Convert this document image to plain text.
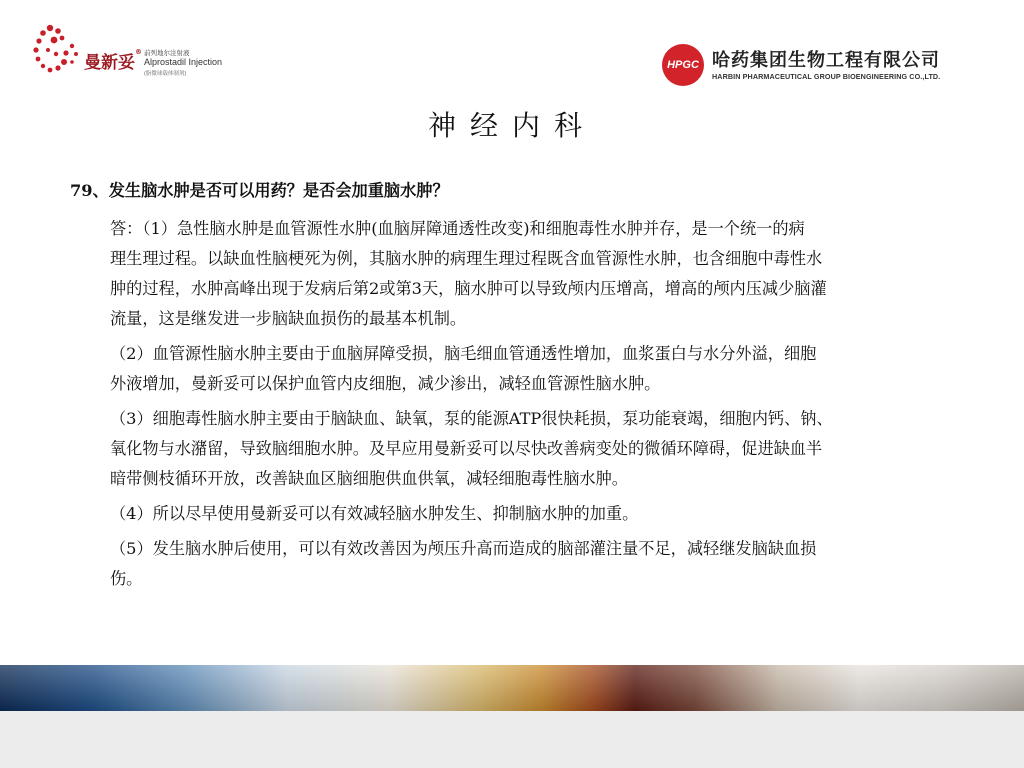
曼新妥® 前列地尔注射液
Alprostadil Injection
(脂微球载体制剂)
HPGC 哈药集团生物工程有限公司
HARBIN PHARMACEUTICAL GROUP BIOENGINEERING CO.,LTD.
神经内科
79、发生脑水肿是否可以用药？是否会加重脑水肿？
答：（1）急性脑水肿是血管源性水肿(血脑屏障通透性改变)和细胞毒性水肿并存，是一个统一的病
理生理过程。以缺血性脑梗死为例，其脑水肿的病理生理过程既含血管源性水肿，也含细胞中毒性水
肿的过程，水肿高峰出现于发病后第2或第3天，脑水肿可以导致颅内压增高，增高的颅内压减少脑灌
流量，这是继发进一步脑缺血损伤的最基本机制。
（2）血管源性脑水肿主要由于血脑屏障受损，脑毛细血管通透性增加，血浆蛋白与水分外溢，细胞
外液增加，曼新妥可以保护血管内皮细胞，减少渗出，减轻血管源性脑水肿。
（3）细胞毒性脑水肿主要由于脑缺血、缺氧，泵的能源ATP很快耗损，泵功能衰竭，细胞内钙、钠、
氧化物与水潴留，导致脑细胞水肿。及早应用曼新妥可以尽快改善病变处的微循环障碍，促进缺血半
暗带侧枝循环开放，改善缺血区脑细胞供血供氧，减轻细胞毒性脑水肿。
（4）所以尽早使用曼新妥可以有效减轻脑水肿发生、抑制脑水肿的加重。
（5）发生脑水肿后使用，可以有效改善因为颅压升高而造成的脑部灌注量不足，减轻继发脑缺血损
伤。
